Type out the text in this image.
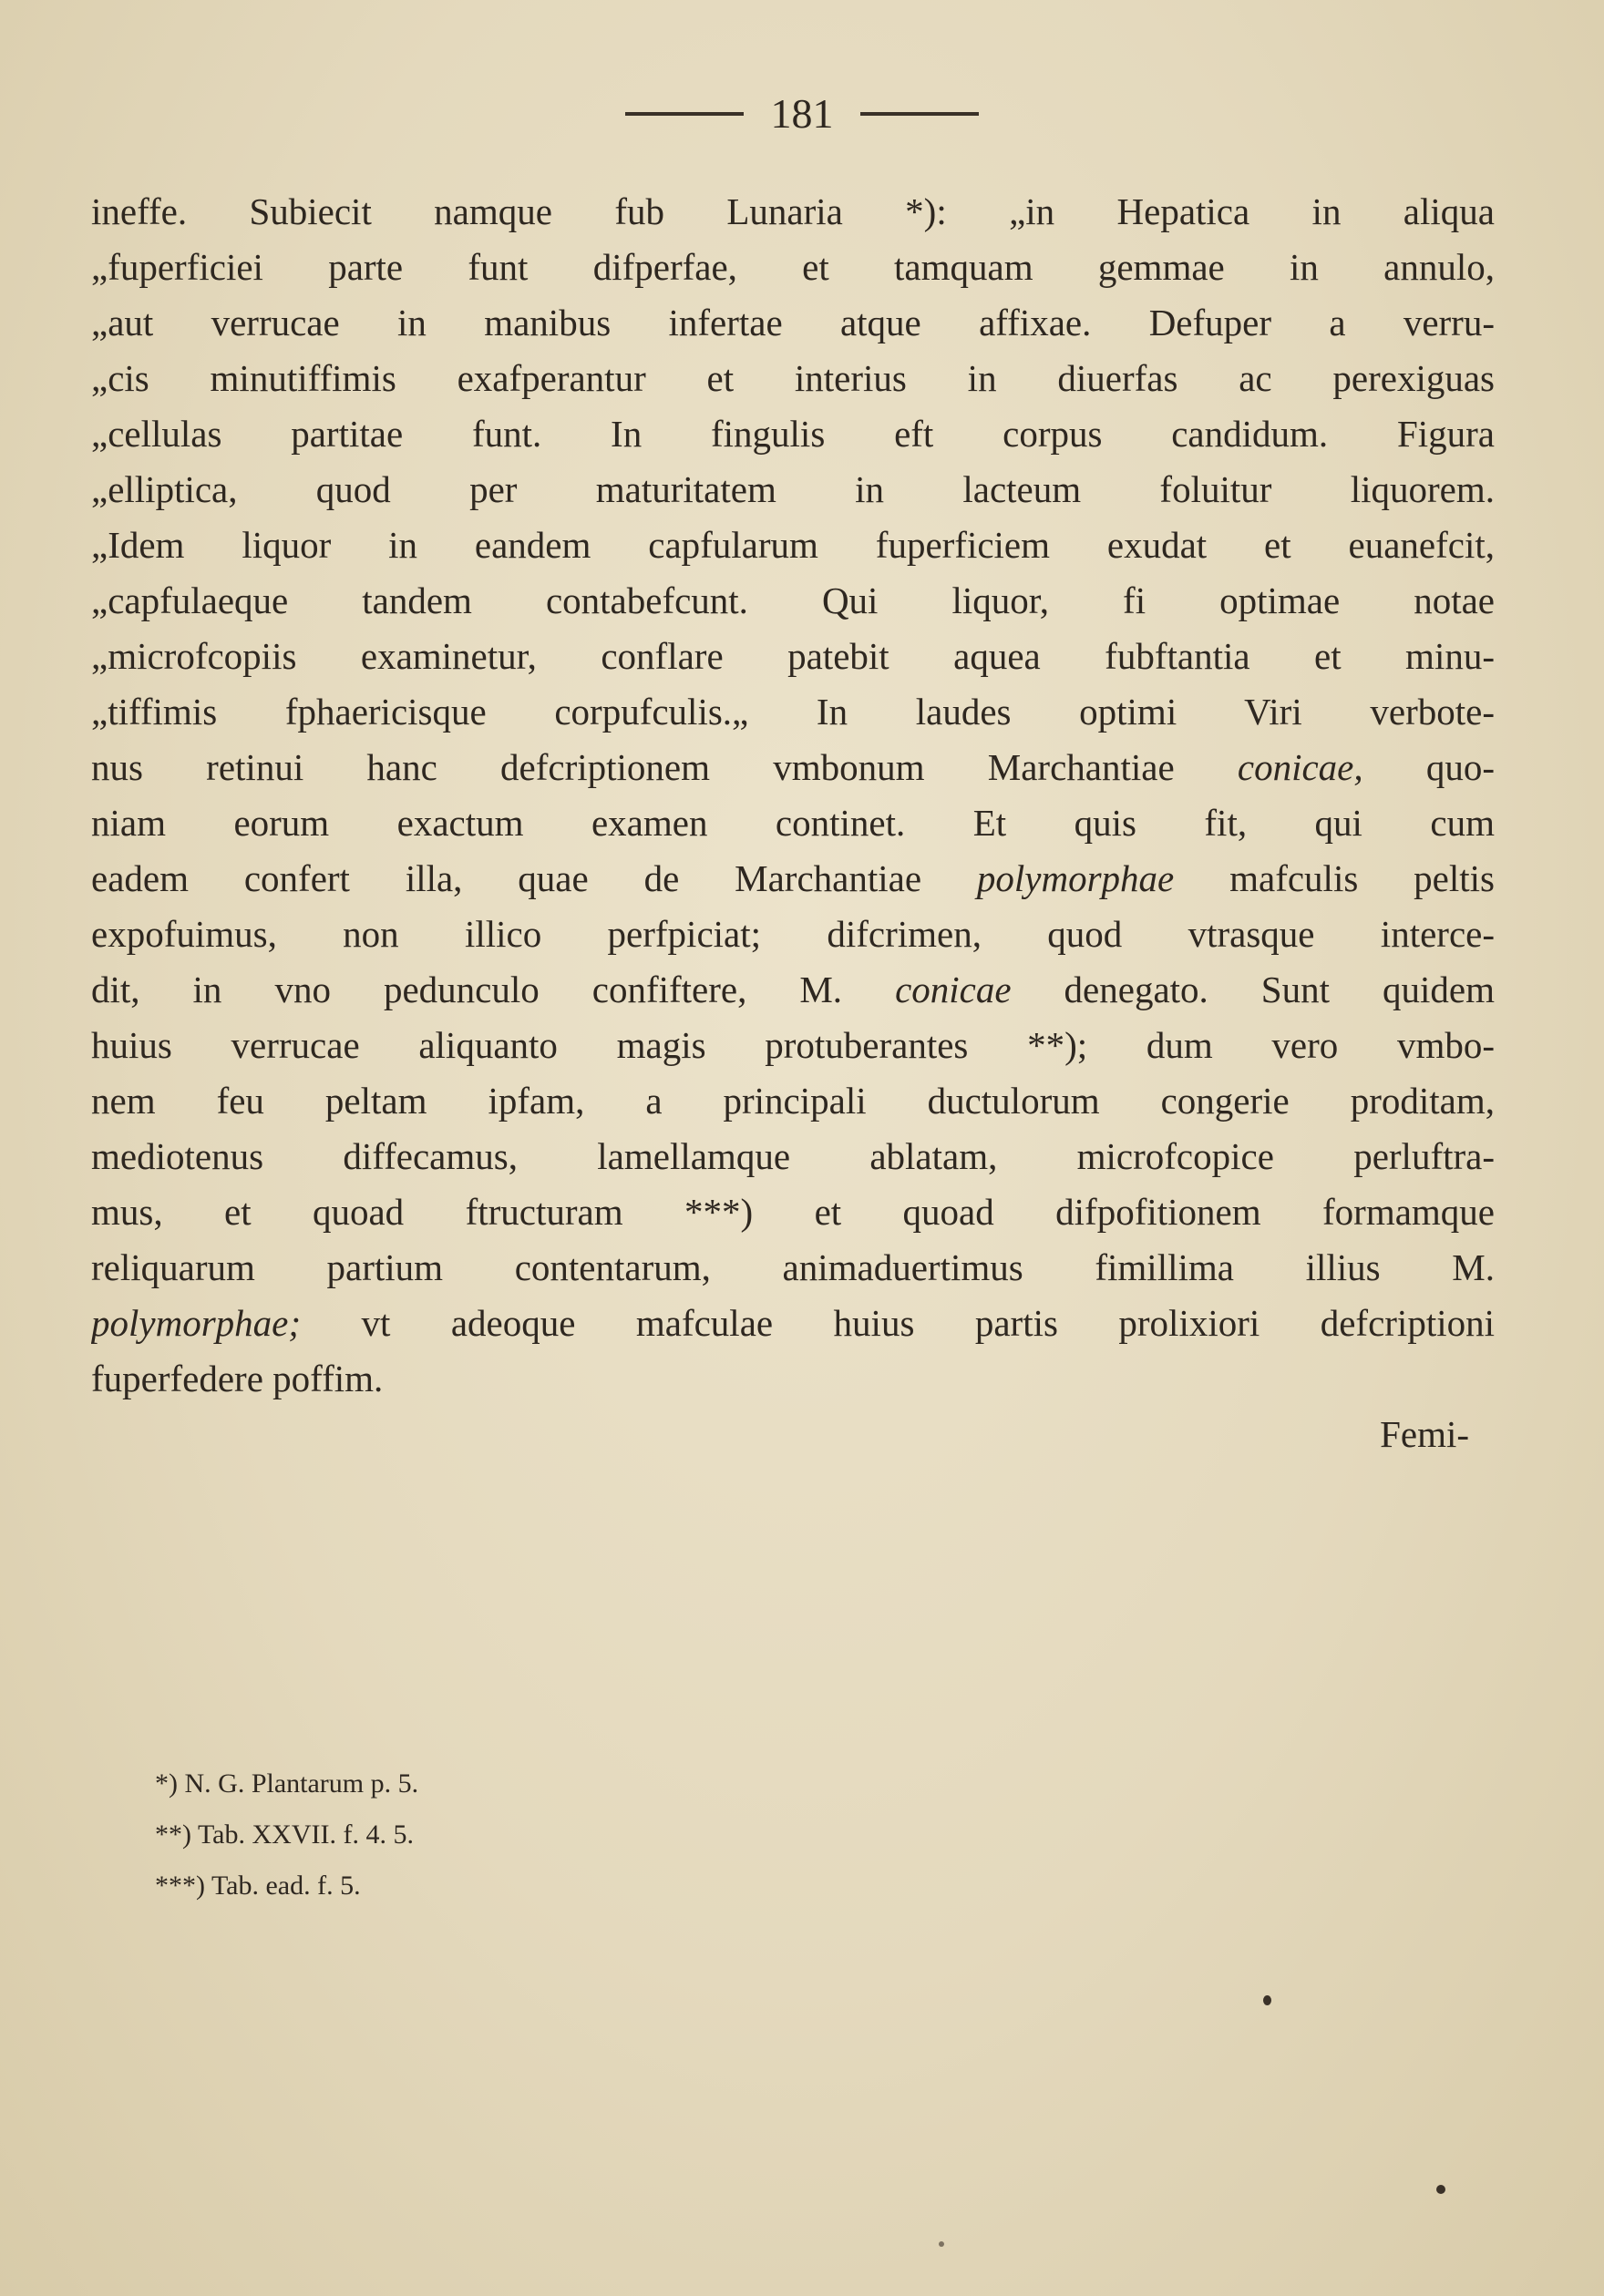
181
ineffe. Subiecit namque fub Lunaria *): „in Hepatica in aliqua
„fuperficiei parte funt difperfae, et tamquam gemmae in annulo,
„aut verrucae in manibus infertae atque affixae. Defuper a verru-
„cis minutiffimis exafperantur et interius in diuerfas ac perexiguas
„cellulas partitae funt. In fingulis eft corpus candidum. Figura
„elliptica, quod per maturitatem in lacteum foluitur liquorem.
„Idem liquor in eandem capfularum fuperficiem exudat et euanefcit,
„capfulaeque tandem contabefcunt. Qui liquor, fi optimae notae
„microfcopiis examinetur, conflare patebit aquea fubftantia et minu-
„tiffimis fphaericisque corpufculis.„ In laudes optimi Viri verbote-
nus retinui hanc defcriptionem vmbonum Marchantiae conicae, quo-
niam eorum exactum examen continet. Et quis fit, qui cum
eadem confert illa, quae de Marchantiae polymorphae mafculis peltis
expofuimus, non illico perfpiciat; difcrimen, quod vtrasque interce-
dit, in vno pedunculo confiftere, M. conicae denegato. Sunt quidem
huius verrucae aliquanto magis protuberantes **); dum vero vmbo-
nem feu peltam ipfam, a principali ductulorum congerie proditam,
mediotenus diffecamus, lamellamque ablatam, microfcopice perluftra-
mus, et quoad ftructuram ***) et quoad difpofitionem formamque
reliquarum partium contentarum, animaduertimus fimillima illius M.
polymorphae; vt adeoque mafculae huius partis prolixiori defcriptioni
fuperfedere poffim.
Femi-
*) N. G. Plantarum p. 5.
**) Tab. XXVII. f. 4. 5.
***) Tab. ead. f. 5.
